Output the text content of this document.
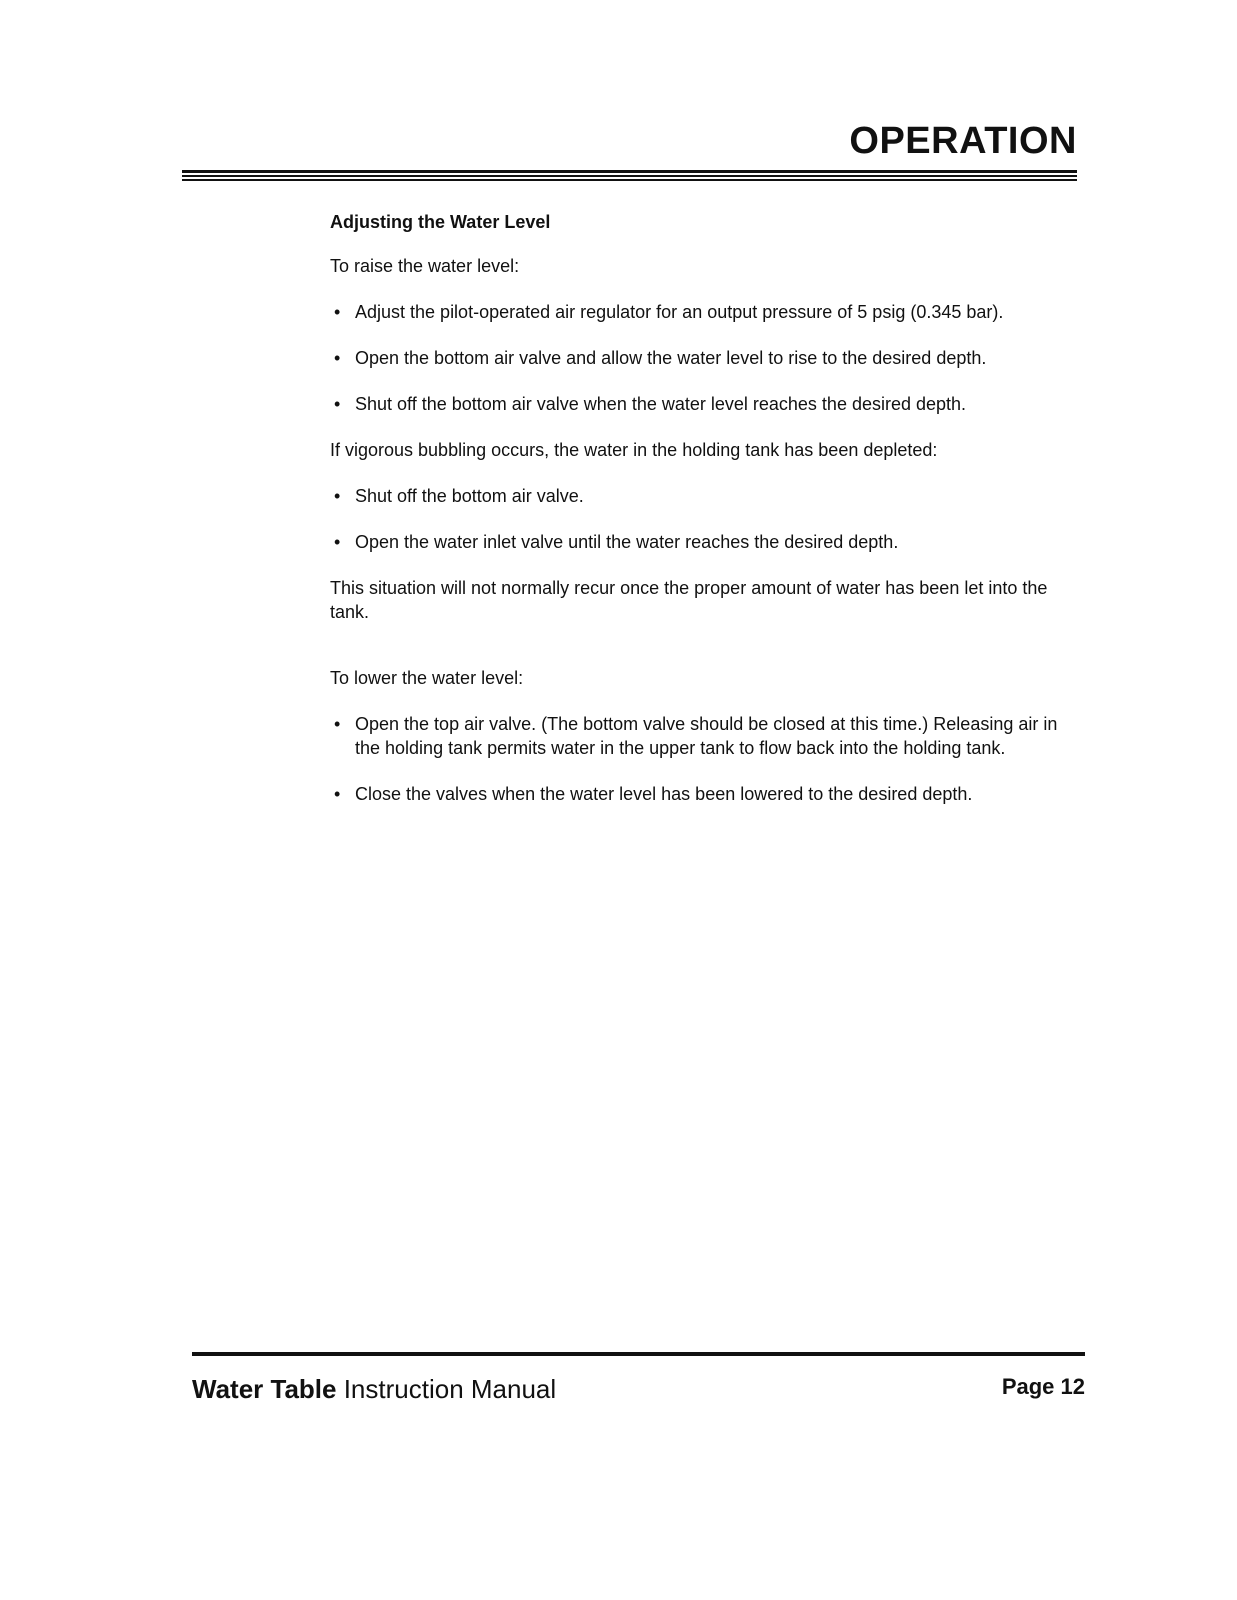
OPERATION

Adjusting the Water Level

To raise the water level:

• Adjust the pilot-operated air regulator for an output pressure of 5 psig (0.345 bar).
• Open the bottom air valve and allow the water level to rise to the desired depth.
• Shut off the bottom air valve when the water level reaches the desired depth.

If vigorous bubbling occurs, the water in the holding tank has been depleted:

• Shut off the bottom air valve.
• Open the water inlet valve until the water reaches the desired depth.

This situation will not normally recur once the proper amount of water has been let into the tank.

To lower the water level:

• Open the top air valve. (The bottom valve should be closed at this time.) Releasing air in the holding tank permits water in the upper tank to flow back into the holding tank.
• Close the valves when the water level has been lowered to the desired depth.
Water Table Instruction Manual	Page 12
